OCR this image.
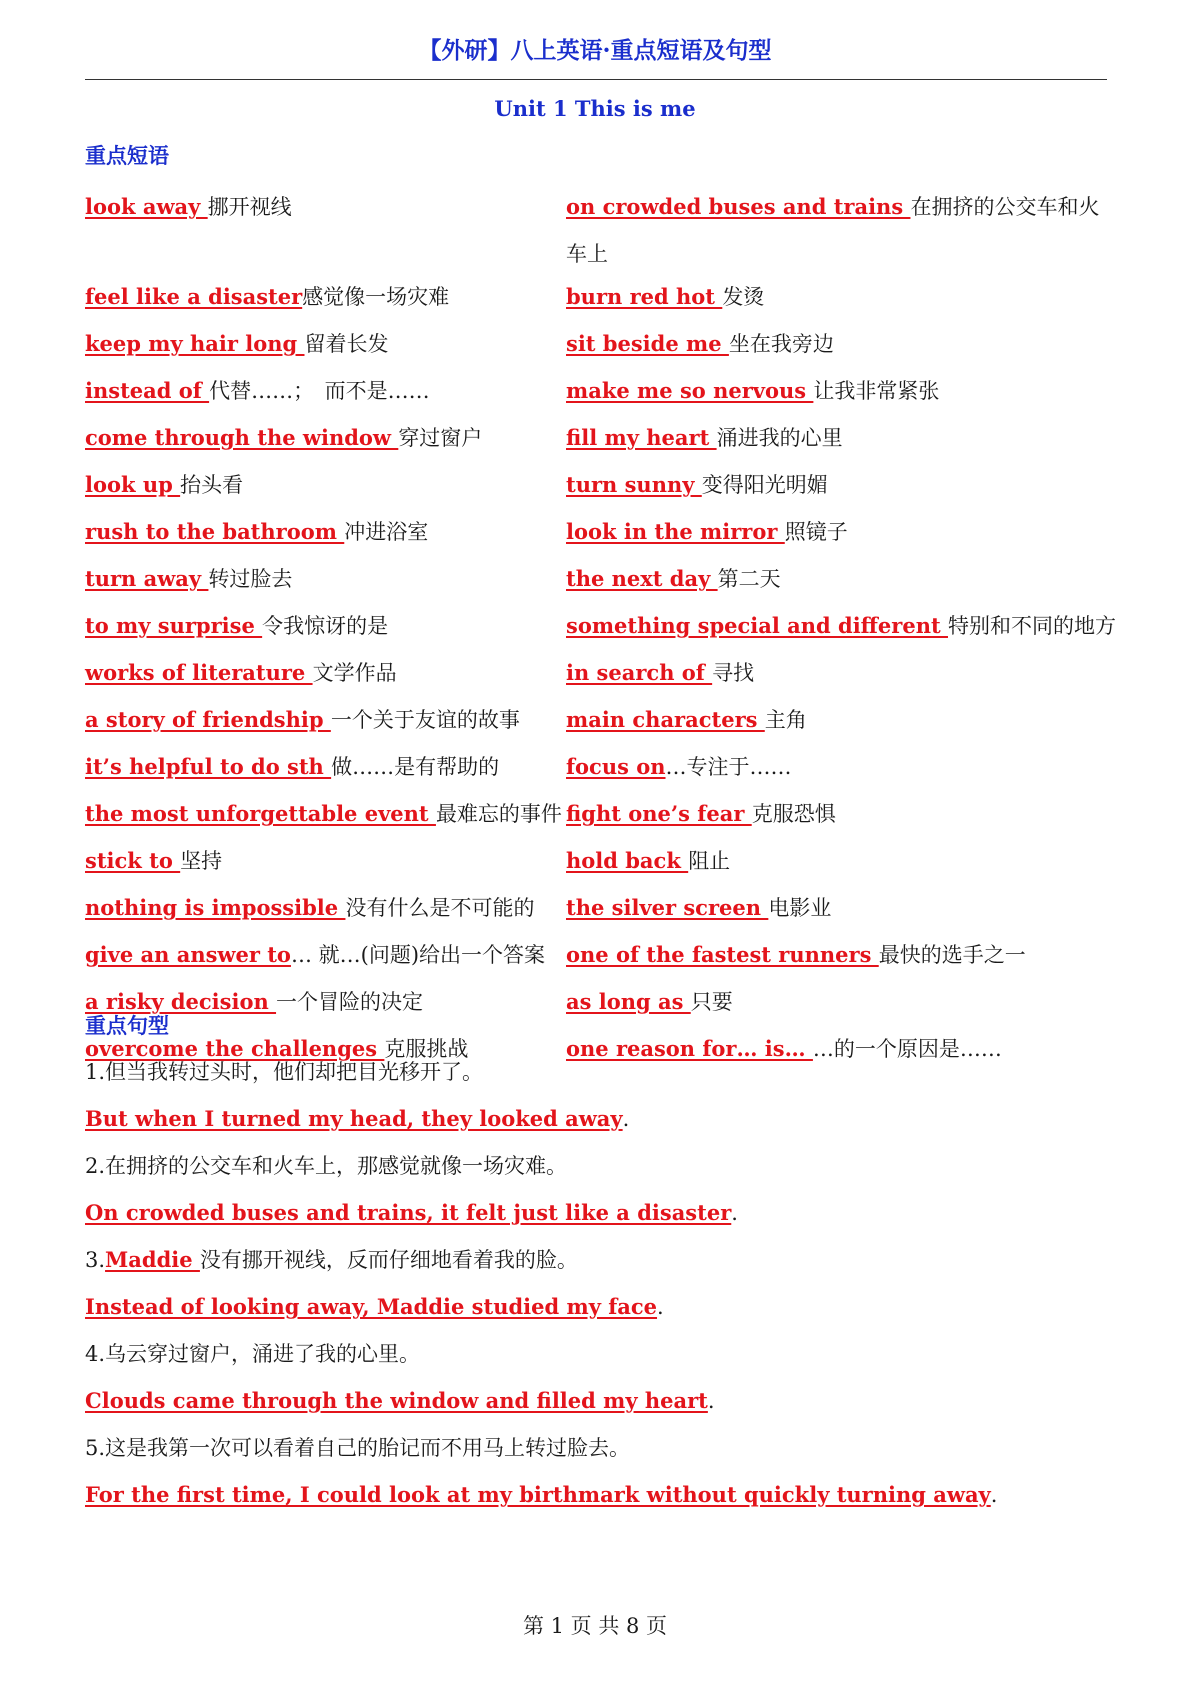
【外研】八上英语·重点短语及句型
Unit 1 This is me
重点短语
look away 挪开视线	on crowded buses and trains 在拥挤的公交车和火车上
feel like a disaster感觉像一场灾难	burn red hot 发烫
keep my hair long 留着长发	sit beside me 坐在我旁边
instead of 代替……；　而不是……	make me so nervous 让我非常紧张
come through the window 穿过窗户	fill my heart 涌进我的心里
look up 抬头看	turn sunny 变得阳光明媚
rush to the bathroom 冲进浴室	look in the mirror 照镜子
turn away 转过脸去	the next day 第二天
to my surprise 令我惊讶的是	something special and different 特别和不同的地方
works of literature 文学作品	in search of 寻找
a story of friendship 一个关于友谊的故事 main characters 主角
it’s helpful to do sth 做……是有帮助的	focus on…专注于……
the most unforgettable event 最难忘的事件 fight one’s fear 克服恐惧
stick to 坚持	hold back 阻止
nothing is impossible 没有什么是不可能的 the silver screen 电影业
give an answer to… 就…(问题)给出一个答案 one of the fastest runners 最快的选手之一
a risky decision 一个冒险的决定	as long as 只要
overcome the challenges 克服挑战	one reason for… is… …的一个原因是……
重点句型
1.但当我转过头时，他们却把目光移开了。
But when I turned my head, they looked away.
2.在拥挤的公交车和火车上，那感觉就像一场灾难。
On crowded buses and trains, it felt just like a disaster.
3.Maddie 没有挪开视线，反而仔细地看着我的脸。
Instead of looking away, Maddie studied my face.
4.乌云穿过窗户，涌进了我的心里。
Clouds came through the window and filled my heart.
5.这是我第一次可以看着自己的胎记而不用马上转过脸去。
For the first time, I could look at my birthmark without quickly turning away.
第 1 页 共 8 页
